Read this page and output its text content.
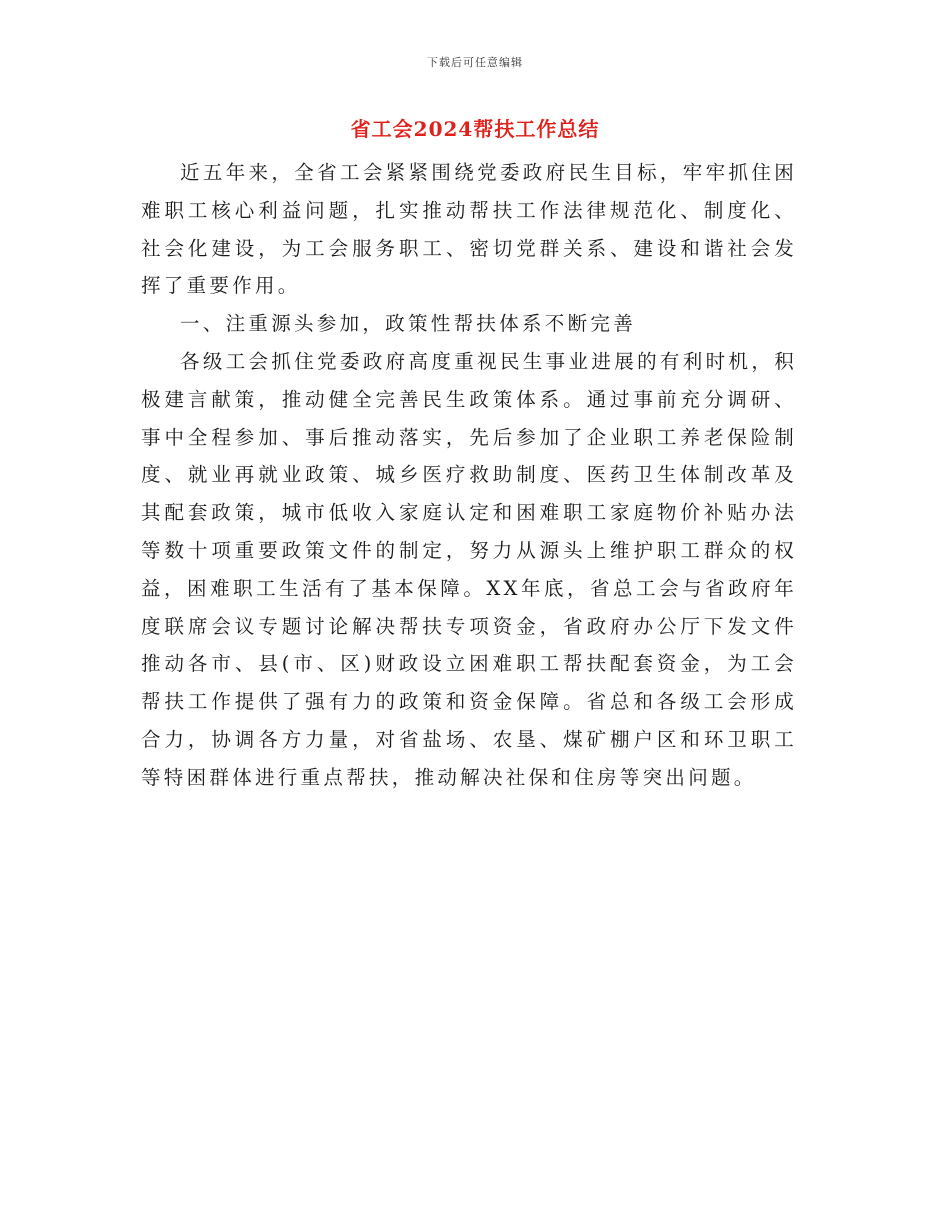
下载后可任意编辑
省工会2024帮扶工作总结

近五年来，全省工会紧紧围绕党委政府民生目标，牢牢抓住困难职工核心利益问题，扎实推动帮扶工作法律规范化、制度化、社会化建设，为工会服务职工、密切党群关系、建设和谐社会发挥了重要作用。

一、注重源头参加，政策性帮扶体系不断完善

各级工会抓住党委政府高度重视民生事业进展的有利时机，积极建言献策，推动健全完善民生政策体系。通过事前充分调研、事中全程参加、事后推动落实，先后参加了企业职工养老保险制度、就业再就业政策、城乡医疗救助制度、医药卫生体制改革及其配套政策，城市低收入家庭认定和困难职工家庭物价补贴办法等数十项重要政策文件的制定，努力从源头上维护职工群众的权益，困难职工生活有了基本保障。XX年底，省总工会与省政府年度联席会议专题讨论解决帮扶专项资金，省政府办公厅下发文件推动各市、县(市、区)财政设立困难职工帮扶配套资金，为工会帮扶工作提供了强有力的政策和资金保障。省总和各级工会形成合力，协调各方力量，对省盐场、农垦、煤矿棚户区和环卫职工等特困群体进行重点帮扶，推动解决社保和住房等突出问题。
